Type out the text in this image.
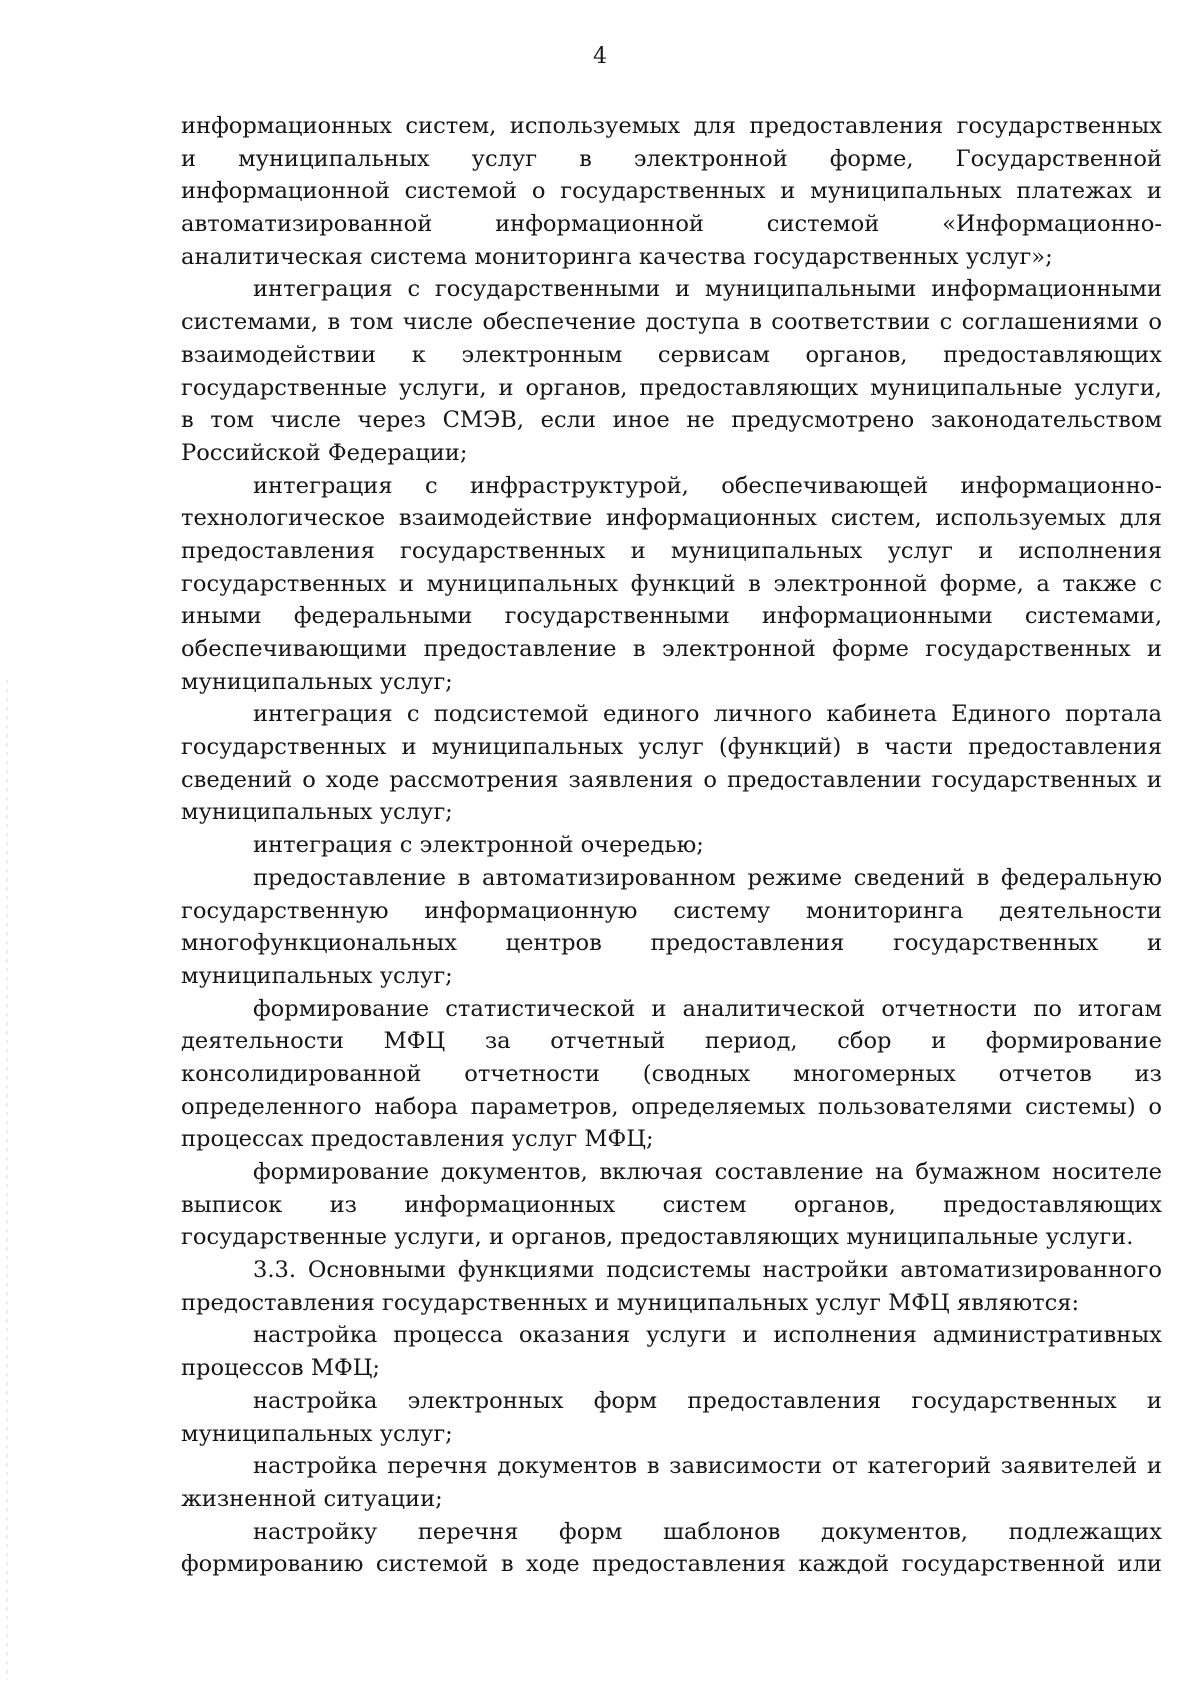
4
информационных систем, используемых для предоставления государственных
и муниципальных услуг в электронной форме, Государственной
информационной системой о государственных и муниципальных платежах и
автоматизированной информационной системой «Информационно-
аналитическая система мониторинга качества государственных услуг»;
интеграция с государственными и муниципальными информационными
системами, в том числе обеспечение доступа в соответствии с соглашениями о
взаимодействии к электронным сервисам органов, предоставляющих
государственные услуги, и органов, предоставляющих муниципальные услуги,
в том числе через СМЭВ, если иное не предусмотрено законодательством
Российской Федерации;
интеграция с инфраструктурой, обеспечивающей информационно-
технологическое взаимодействие информационных систем, используемых для
предоставления государственных и муниципальных услуг и исполнения
государственных и муниципальных функций в электронной форме, а также с
иными федеральными государственными информационными системами,
обеспечивающими предоставление в электронной форме государственных и
муниципальных услуг;
интеграция с подсистемой единого личного кабинета Единого портала
государственных и муниципальных услуг (функций) в части предоставления
сведений о ходе рассмотрения заявления о предоставлении государственных и
муниципальных услуг;
интеграция с электронной очередью;
предоставление в автоматизированном режиме сведений в федеральную
государственную информационную систему мониторинга деятельности
многофункциональных центров предоставления государственных и
муниципальных услуг;
формирование статистической и аналитической отчетности по итогам
деятельности МФЦ за отчетный период, сбор и формирование
консолидированной отчетности (сводных многомерных отчетов из
определенного набора параметров, определяемых пользователями системы) о
процессах предоставления услуг МФЦ;
формирование документов, включая составление на бумажном носителе
выписок из информационных систем органов, предоставляющих
государственные услуги, и органов, предоставляющих муниципальные услуги.
3.3. Основными функциями подсистемы настройки автоматизированного
предоставления государственных и муниципальных услуг МФЦ являются:
настройка процесса оказания услуги и исполнения административных
процессов МФЦ;
настройка электронных форм предоставления государственных и
муниципальных услуг;
настройка перечня документов в зависимости от категорий заявителей и
жизненной ситуации;
настройку перечня форм шаблонов документов, подлежащих
формированию системой в ходе предоставления каждой государственной или
